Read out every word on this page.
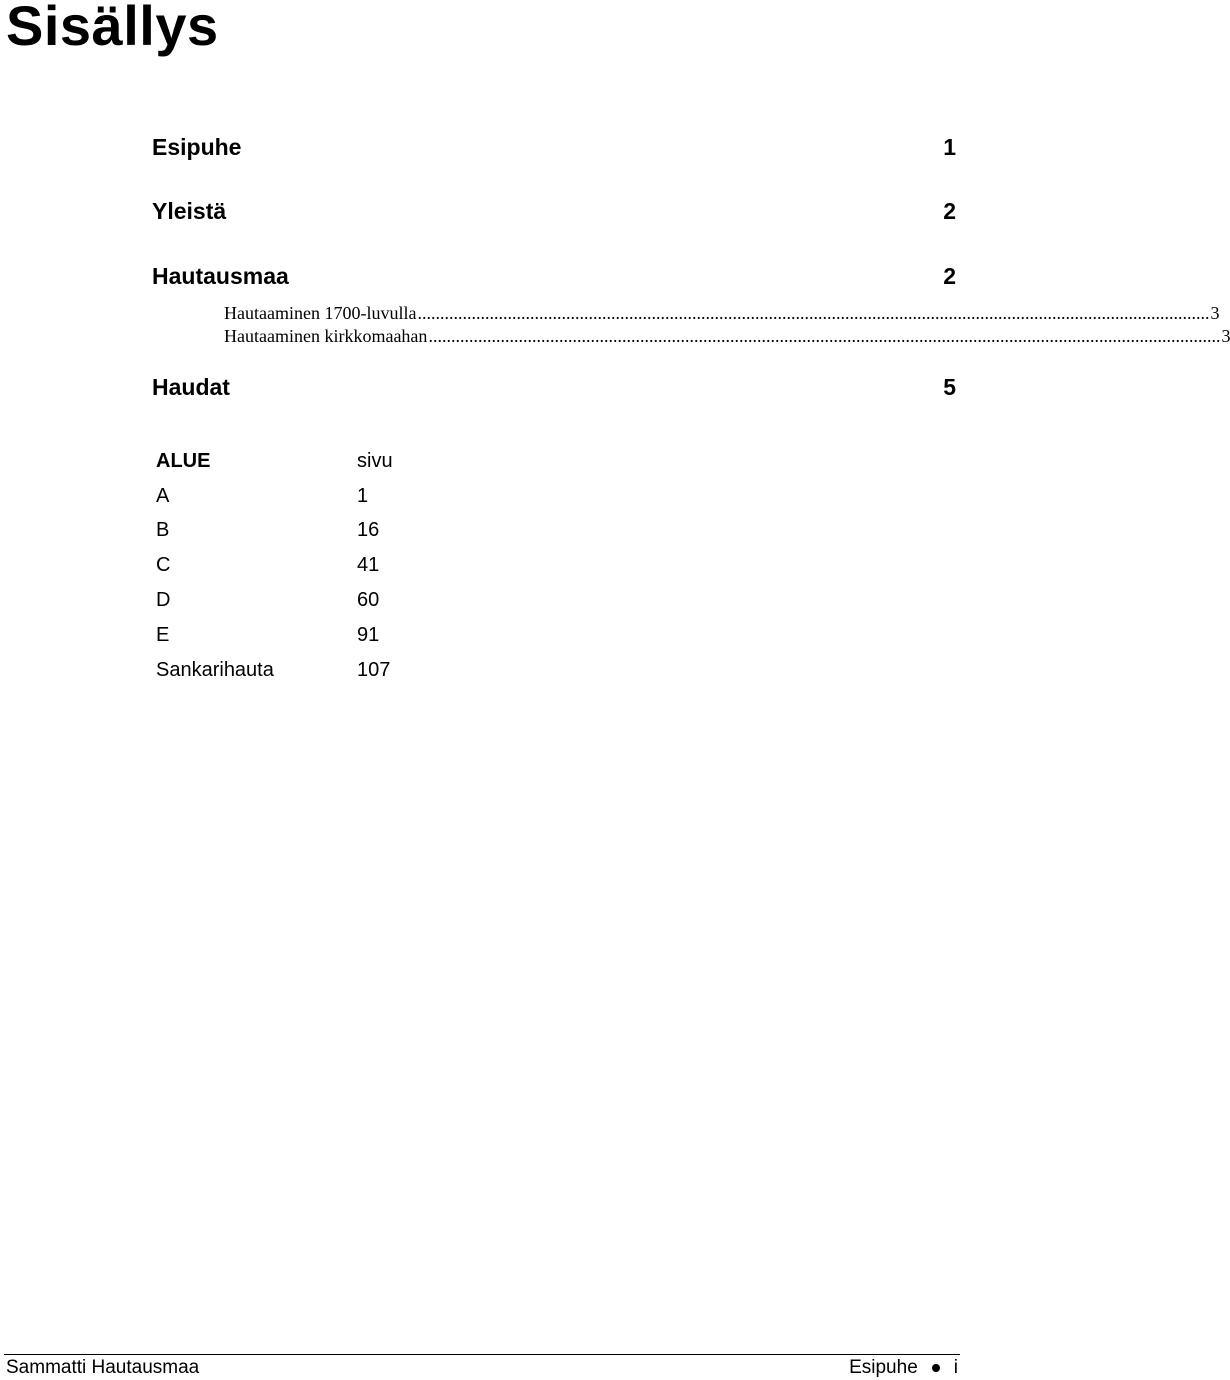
Sisällys
Esipuhe	1
Yleistä	2
Hautausmaa	2
Hautaaminen 1700-luvulla ................................................................................................................................................................................ 3
Hautaaminen kirkkomaahan ................................................................................................................................................................................ 3
Haudat	5
ALUE	sivu
A	1
B	16
C	41
D	60
E	91
Sankarihauta	107
Sammatti Hautausmaa	Esipuhe i
